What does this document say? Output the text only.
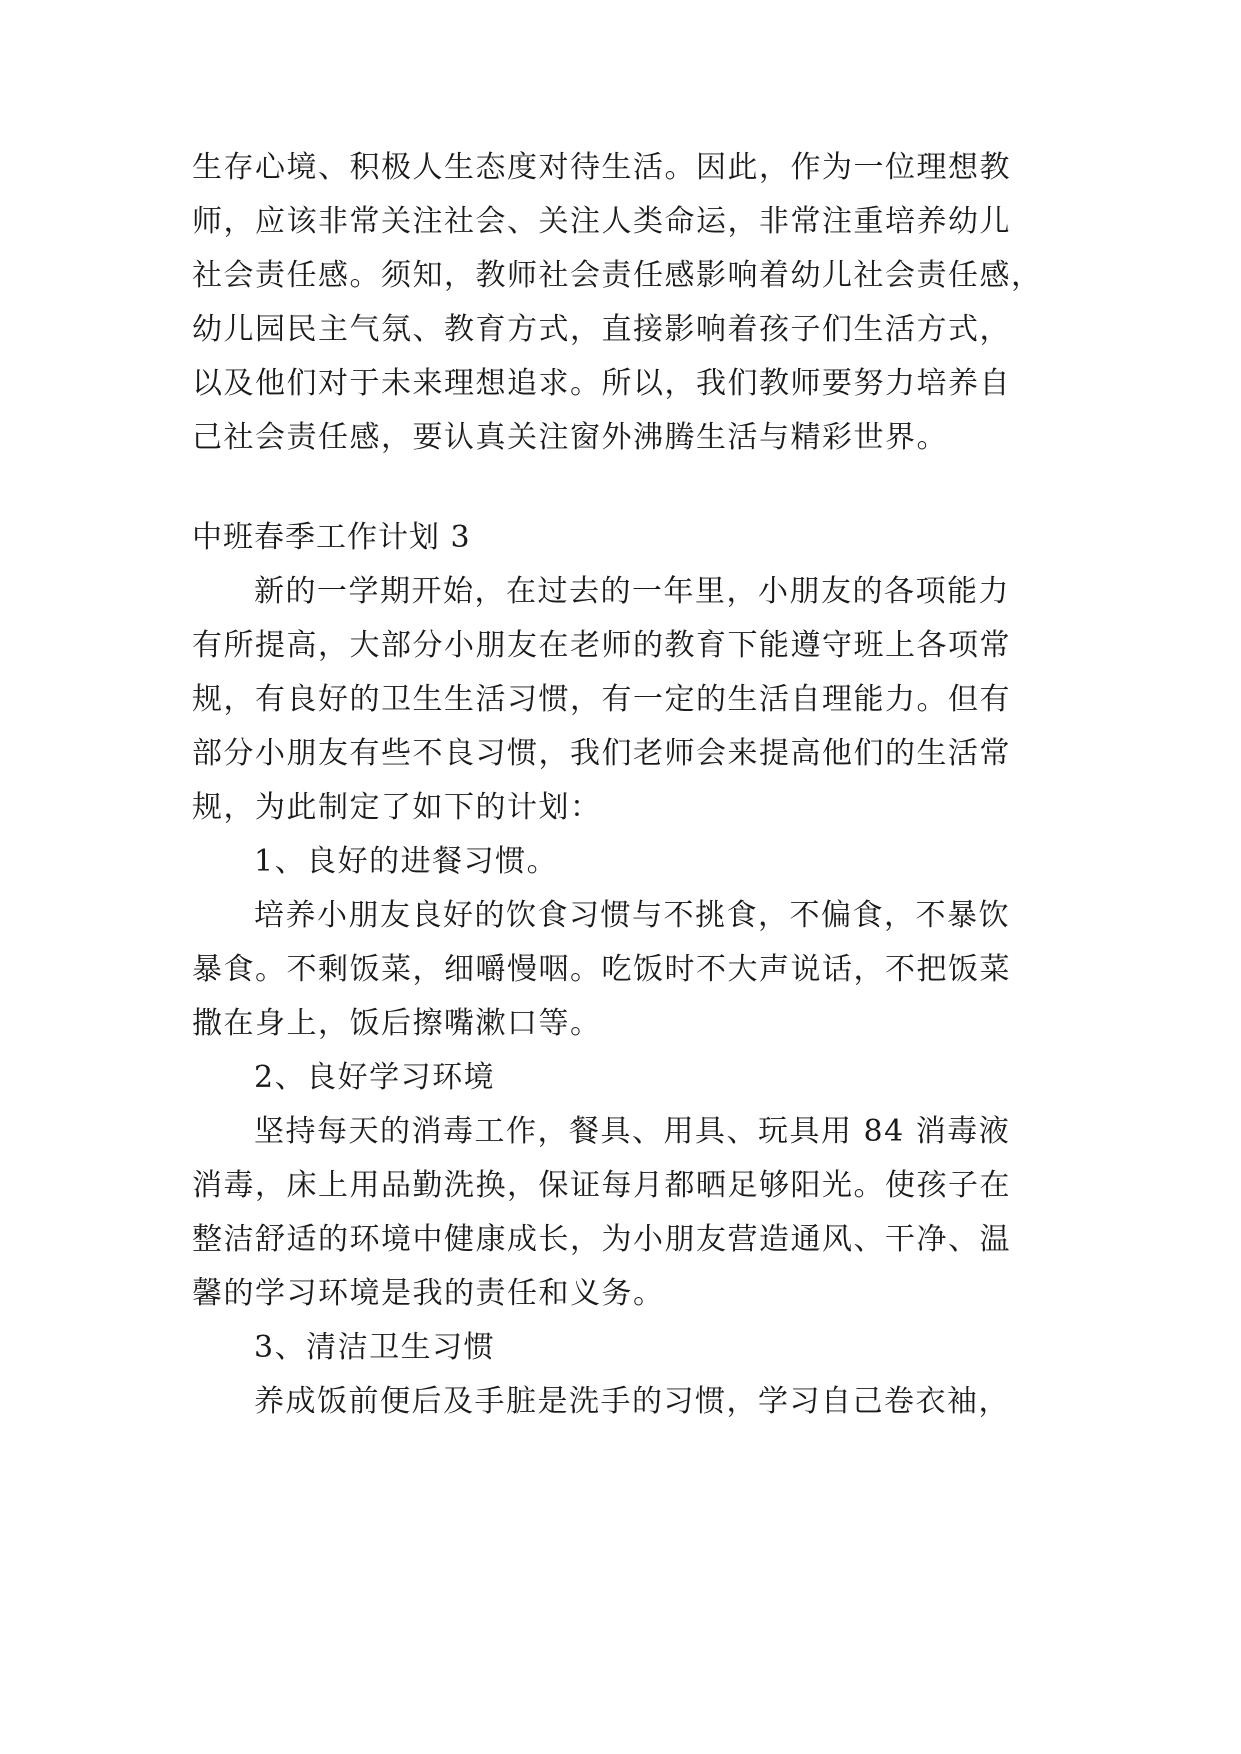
生存心境、积极人生态度对待生活。因此，作为一位理想教
师，应该非常关注社会、关注人类命运，非常注重培养幼儿
社会责任感。须知，教师社会责任感影响着幼儿社会责任感，
幼儿园民主气氛、教育方式，直接影响着孩子们生活方式，
以及他们对于未来理想追求。所以，我们教师要努力培养自
己社会责任感，要认真关注窗外沸腾生活与精彩世界。
中班春季工作计划 3
新的一学期开始，在过去的一年里，小朋友的各项能力
有所提高，大部分小朋友在老师的教育下能遵守班上各项常
规，有良好的卫生生活习惯，有一定的生活自理能力。但有
部分小朋友有些不良习惯，我们老师会来提高他们的生活常
规，为此制定了如下的计划：
1、良好的进餐习惯。
培养小朋友良好的饮食习惯与不挑食，不偏食，不暴饮
暴食。不剩饭菜，细嚼慢咽。吃饭时不大声说话，不把饭菜
撒在身上，饭后擦嘴漱口等。
2、良好学习环境
坚持每天的消毒工作，餐具、用具、玩具用 84 消毒液
消毒，床上用品勤洗换，保证每月都晒足够阳光。使孩子在
整洁舒适的环境中健康成长，为小朋友营造通风、干净、温
馨的学习环境是我的责任和义务。
3、清洁卫生习惯
养成饭前便后及手脏是洗手的习惯，学习自己卷衣袖，
